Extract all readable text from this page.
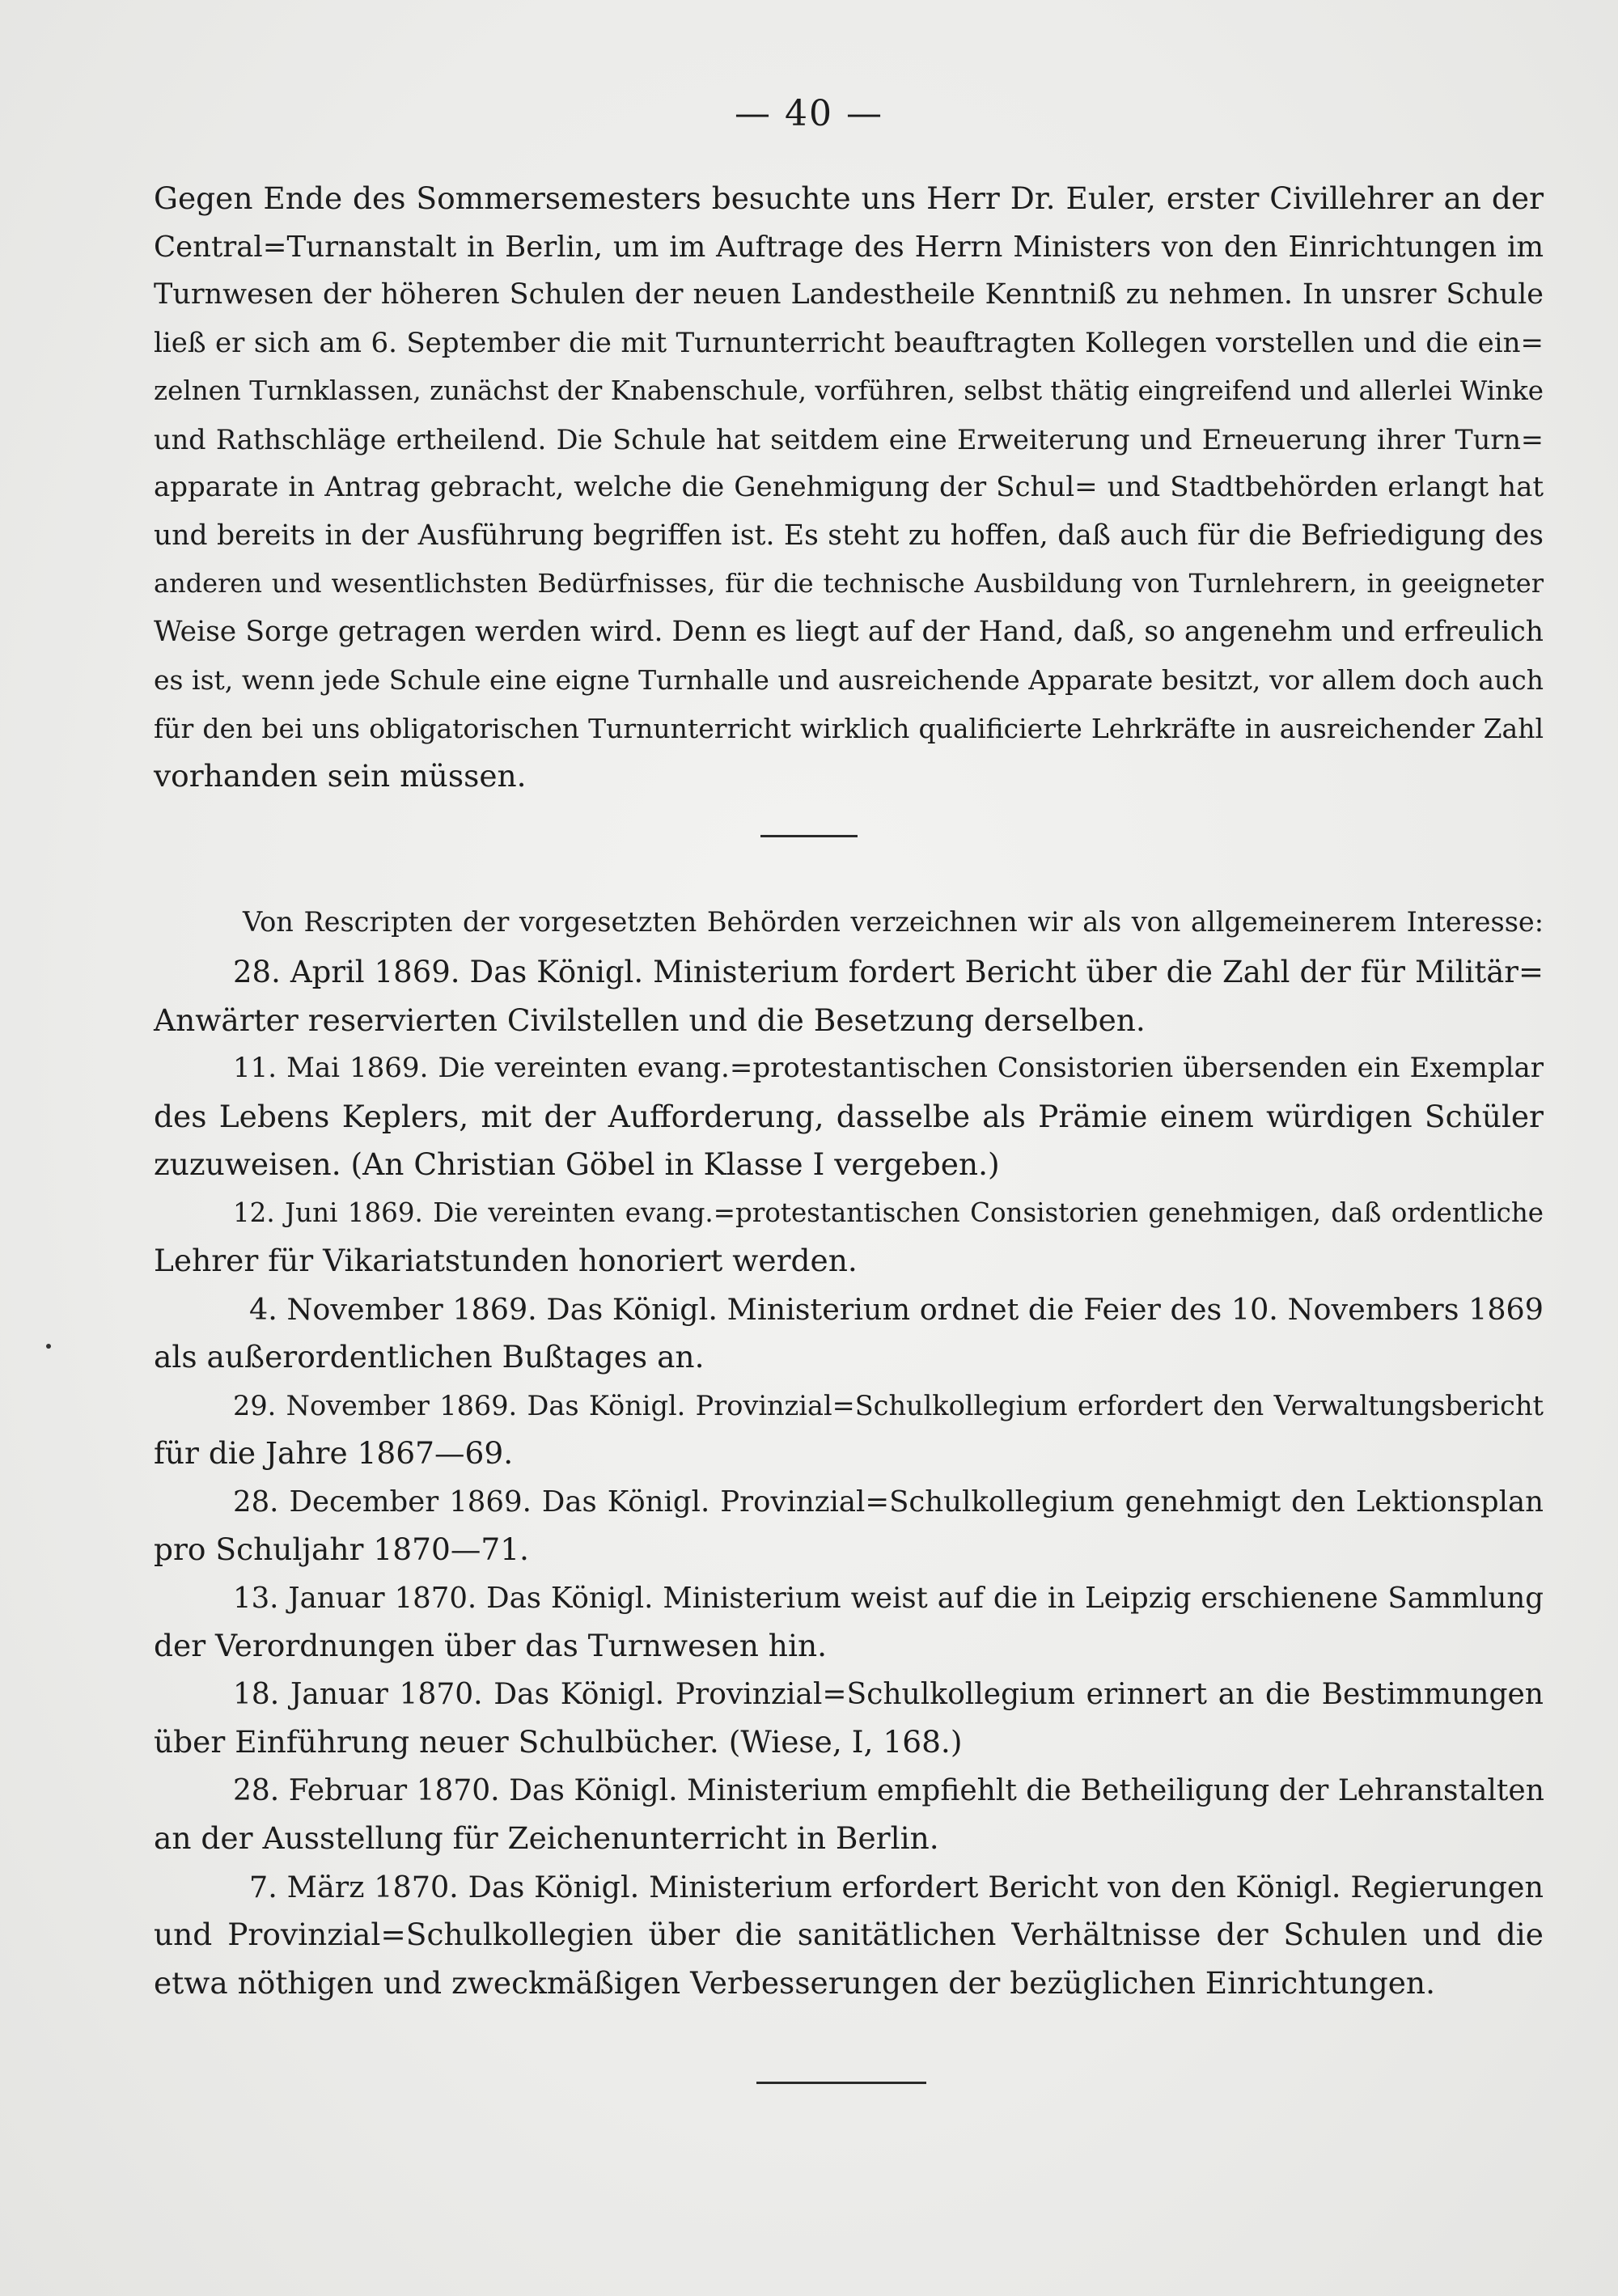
— 40 —
Gegen Ende des Sommersemesters besuchte uns Herr Dr. Euler, erster Civillehrer an der
Central=Turnanstalt in Berlin, um im Auftrage des Herrn Ministers von den Einrichtungen im
Turnwesen der höheren Schulen der neuen Landestheile Kenntniß zu nehmen. In unsrer Schule
ließ er sich am 6. September die mit Turnunterricht beauftragten Kollegen vorstellen und die ein=
zelnen Turnklassen, zunächst der Knabenschule, vorführen, selbst thätig eingreifend und allerlei Winke
und Rathschläge ertheilend. Die Schule hat seitdem eine Erweiterung und Erneuerung ihrer Turn=
apparate in Antrag gebracht, welche die Genehmigung der Schul= und Stadtbehörden erlangt hat
und bereits in der Ausführung begriffen ist. Es steht zu hoffen, daß auch für die Befriedigung des
anderen und wesentlichsten Bedürfnisses, für die technische Ausbildung von Turnlehrern, in geeigneter
Weise Sorge getragen werden wird. Denn es liegt auf der Hand, daß, so angenehm und erfreulich
es ist, wenn jede Schule eine eigne Turnhalle und ausreichende Apparate besitzt, vor allem doch auch
für den bei uns obligatorischen Turnunterricht wirklich qualificierte Lehrkräfte in ausreichender Zahl
vorhanden sein müssen.
Von Rescripten der vorgesetzten Behörden verzeichnen wir als von allgemeinerem Interesse:
28. April 1869. Das Königl. Ministerium fordert Bericht über die Zahl der für Militär=
Anwärter reservierten Civilstellen und die Besetzung derselben.
11. Mai 1869. Die vereinten evang.=protestantischen Consistorien übersenden ein Exemplar
des Lebens Keplers, mit der Aufforderung, dasselbe als Prämie einem würdigen Schüler
zuzuweisen. (An Christian Göbel in Klasse I vergeben.)
12. Juni 1869. Die vereinten evang.=protestantischen Consistorien genehmigen, daß ordentliche
Lehrer für Vikariatstunden honoriert werden.
4. November 1869. Das Königl. Ministerium ordnet die Feier des 10. Novembers 1869
als außerordentlichen Bußtages an.
29. November 1869. Das Königl. Provinzial=Schulkollegium erfordert den Verwaltungsbericht
für die Jahre 1867—69.
28. December 1869. Das Königl. Provinzial=Schulkollegium genehmigt den Lektionsplan
pro Schuljahr 1870—71.
13. Januar 1870. Das Königl. Ministerium weist auf die in Leipzig erschienene Sammlung
der Verordnungen über das Turnwesen hin.
18. Januar 1870. Das Königl. Provinzial=Schulkollegium erinnert an die Bestimmungen
über Einführung neuer Schulbücher. (Wiese, I, 168.)
28. Februar 1870. Das Königl. Ministerium empfiehlt die Betheiligung der Lehranstalten
an der Ausstellung für Zeichenunterricht in Berlin.
7. März 1870. Das Königl. Ministerium erfordert Bericht von den Königl. Regierungen
und Provinzial=Schulkollegien über die sanitätlichen Verhältnisse der Schulen und die
etwa nöthigen und zweckmäßigen Verbesserungen der bezüglichen Einrichtungen.
